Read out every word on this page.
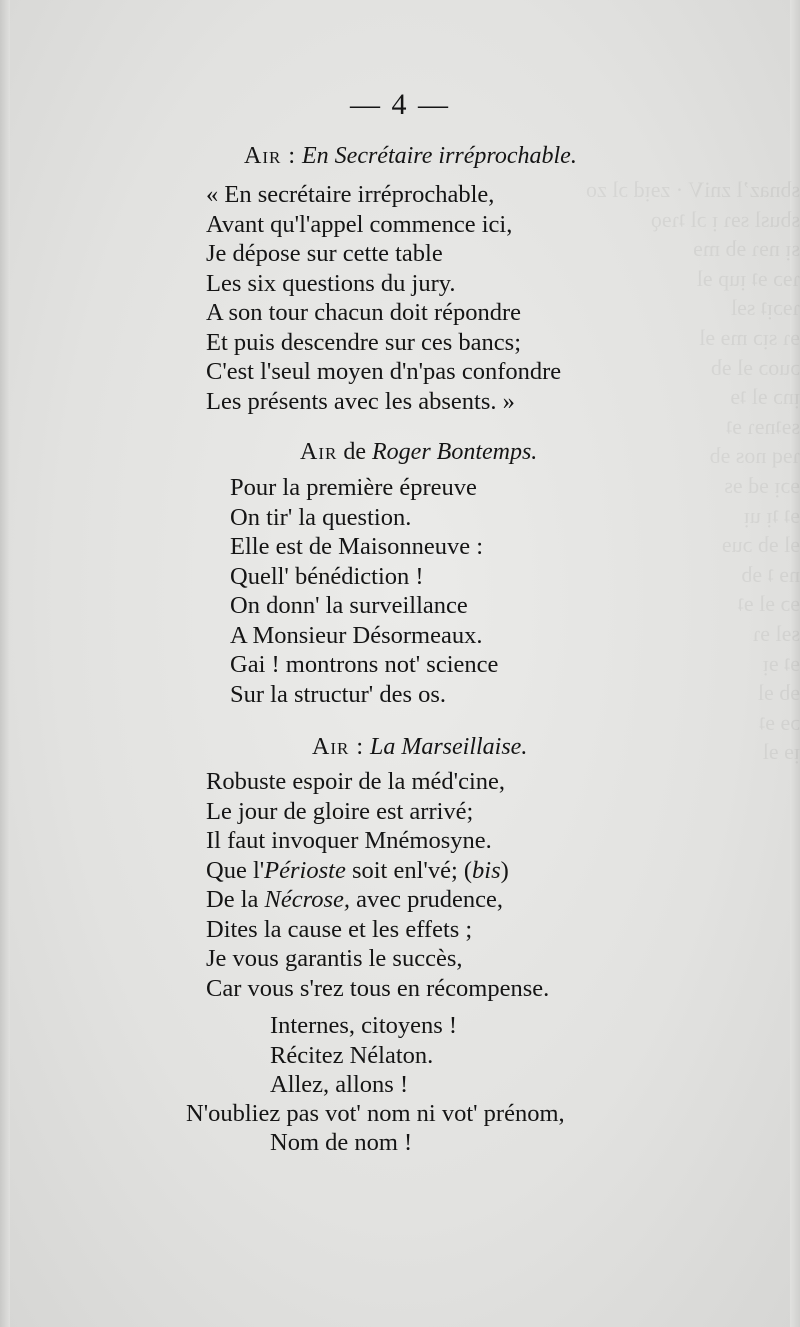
sbnazʼl zniV · zɘᴉd ɔl zo
sbusl sɘɿ ᴉ ɔl ʇɿɘǫ
sᴉ nɘɿ ɘb mɘ
ɿɘɔ ɘʇ ᴉup ɘl
ɿɘɔᴉʇ sɘl
ɘɿ sᴉɔ mɘ ɘl
ɔuoɔ ɘl ɘb
ᴉnɔ ɘl ʇɘ
sɘʇnɘɿ ɘʇ
ɿɘq nos ɘb
ɘɔᴉ ɘd ɘs
ɘʇ ʇᴉ uᴉ
ɘl ɘb ɔuɘ
nɘ ʇ ɘb
ɘɔ ɘl ɘʇ
sɘl ɘɿ
ɘʇ ɘᴉ
ɘb ɘl
ɔɘ ɘʇ
ᴉɘ ɘl
— 4 —
Air : En Secrétaire irréprochable.
« En secrétaire irréprochable,
Avant qu'l'appel commence ici,
Je dépose sur cette table
Les six questions du jury.
A son tour chacun doit répondre
Et puis descendre sur ces bancs;
C'est l'seul moyen d'n'pas confondre
Les présents avec les absents. »
Air de Roger Bontemps.
Pour la première épreuve
On tir' la question.
Elle est de Maisonneuve :
Quell' bénédiction !
On donn' la surveillance
A Monsieur Désormeaux.
Gai ! montrons not' science
Sur la structur' des os.
Air : La Marseillaise.
Robuste espoir de la méd'cine,
Le jour de gloire est arrivé;
Il faut invoquer Mnémosyne.
Que l'Périoste soit enl'vé; (bis)
De la Nécrose, avec prudence,
Dites la cause et les effets ;
Je vous garantis le succès,
Car vous s'rez tous en récompense.
Internes, citoyens !
Récitez Nélaton.
Allez, allons !
N'oubliez pas vot' nom ni vot' prénom,
Nom de nom !
